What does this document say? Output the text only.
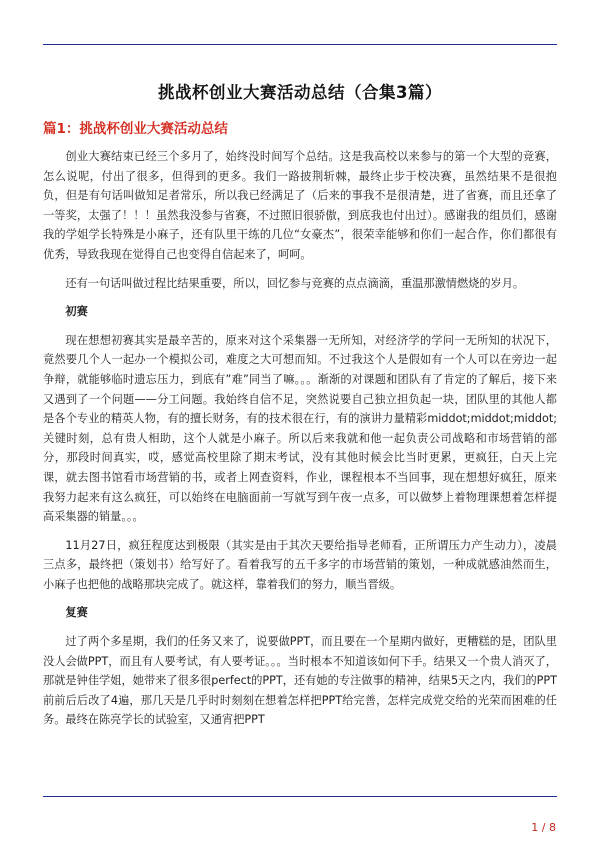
挑战杯创业大赛活动总结（合集3篇）
篇1：挑战杯创业大赛活动总结

创业大赛结束已经三个多月了，始终没时间写个总结。这是我高校以来参与的第一个大型的竞赛，怎么说呢，付出了很多，但得到的更多。我们一路披荆斩棘，最终止步于校决赛，虽然结果不是很抱负，但是有句话叫做知足者常乐，所以我已经满足了（后来的事我不是很清楚，进了省赛，而且还拿了一等奖，太强了！！！虽然我没参与省赛，不过照旧很骄傲，到底我也付出过）。感谢我的组员们，感谢我的学姐学长特殊是小麻子，还有队里干练的几位“女豪杰”，很荣幸能够和你们一起合作，你们都很有优秀，导致我现在觉得自己也变得自信起来了，呵呵。

还有一句话叫做过程比结果重要，所以，回忆参与竞赛的点点滴滴，重温那激情燃烧的岁月。

初赛

现在想想初赛其实是最辛苦的，原来对这个采集器一无所知，对经济学的学问一无所知的状况下，竟然要几个人一起办一个模拟公司，难度之大可想而知。不过我这个人是假如有一个人可以在旁边一起争辩，就能够临时遗忘压力，到底有”难”同当了嘛。。。渐渐的对课题和团队有了肯定的了解后，接下来又遇到了一个问题——分工问题。我始终自信不足，突然说要自己独立担负起一块，团队里的其他人都是各个专业的精英人物，有的擅长财务，有的技术很在行，有的演讲力量精彩middot;middot;middot;关键时刻，总有贵人相助，这个人就是小麻子。所以后来我就和他一起负责公司战略和市场营销的部分，那段时间真实，哎，感觉高校里除了期末考试，没有其他时候会比当时更累，更疯狂，白天上完课，就去图书馆看市场营销的书，或者上网查资料，作业，课程根本不当回事，现在想想好疯狂，原来我努力起来有这么疯狂，可以始终在电脑面前一写就写到午夜一点多，可以做梦上着物理课想着怎样提高采集器的销量。。。

11月27日，疯狂程度达到极限（其实是由于其次天要给指导老师看，正所谓压力产生动力），凌晨三点多，最终把（策划书）给写好了。看着我写的五千多字的市场营销的策划，一种成就感油然而生，小麻子也把他的战略那块完成了。就这样，靠着我们的努力，顺当晋级。

复赛

过了两个多星期，我们的任务又来了，说要做PPT，而且要在一个星期内做好，更糟糕的是，团队里没人会做PPT，而且有人要考试，有人要考证。。。当时根本不知道该如何下手。结果又一个贵人消灭了，那就是钟佳学姐，她带来了很多很perfect的PPT，还有她的专注做事的精神，结果5天之内，我们的PPT前前后后改了4遍，那几天是几乎时时刻刻在想着怎样把PPT给完善，怎样完成党交给的光荣而困难的任务。最终在陈亮学长的试验室，又通宵把PPT

1 / 8
